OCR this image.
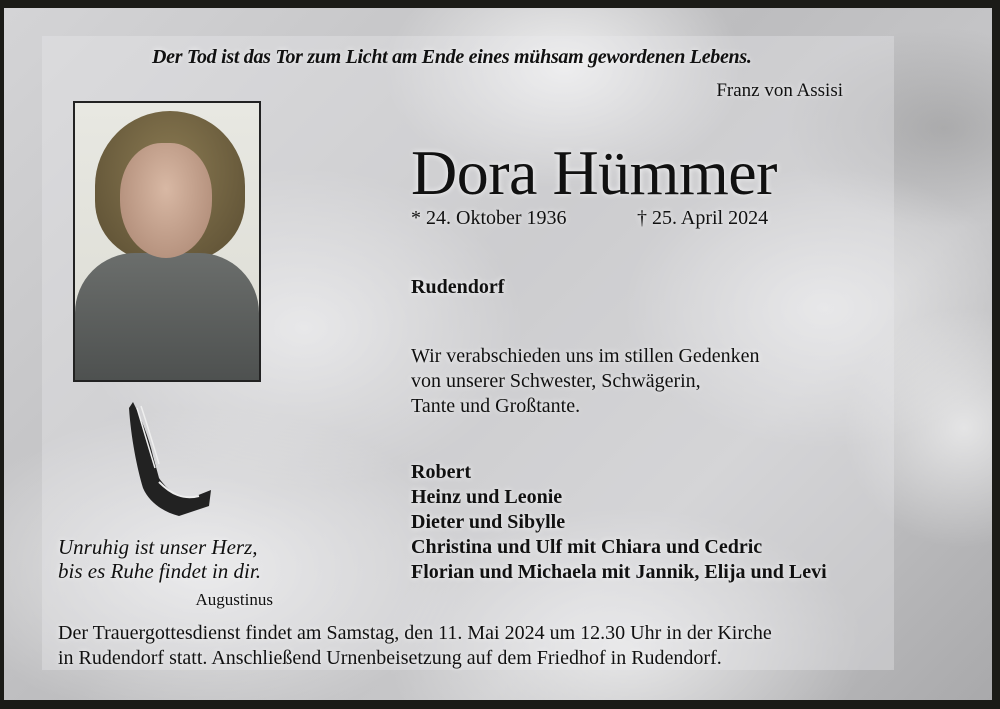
Der Tod ist das Tor zum Licht am Ende eines mühsam gewordenen Lebens.
Franz von Assisi
Dora Hümmer
* 24. Oktober 1936	† 25. April 2024
Rudendorf
Wir verabschieden uns im stillen Gedenken
von unserer Schwester, Schwägerin,
Tante und Großtante.
Robert
Heinz und Leonie
Dieter und Sibylle
Christina und Ulf mit Chiara und Cedric
Florian und Michaela mit Jannik, Elija und Levi
Unruhig ist unser Herz,
bis es Ruhe findet in dir.
Augustinus
Der Trauergottesdienst findet am Samstag, den 11. Mai 2024 um 12.30 Uhr in der Kirche
in Rudendorf statt. Anschließend Urnenbeisetzung auf dem Friedhof in Rudendorf.
